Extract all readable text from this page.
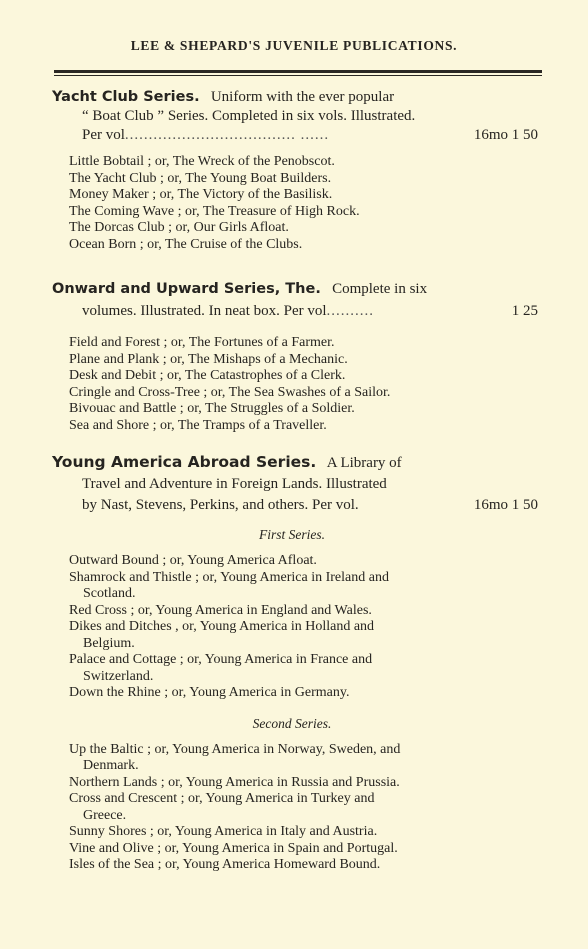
LEE & SHEPARD'S JUVENILE PUBLICATIONS.
Yacht Club Series. Uniform with the ever popular
“ Boat Club ” Series. Completed in six vols. Illustrated.
Per vol.................................... ......	16mo 1 50
Little Bobtail ; or, The Wreck of the Penobscot.
The Yacht Club ; or, The Young Boat Builders.
Money Maker ; or, The Victory of the Basilisk.
The Coming Wave ; or, The Treasure of High Rock.
The Dorcas Club ; or, Our Girls Afloat.
Ocean Born ; or, The Cruise of the Clubs.
Onward and Upward Series, The. Complete in six
volumes. Illustrated. In neat box. Per vol..........	1 25
Field and Forest ; or, The Fortunes of a Farmer.
Plane and Plank ; or, The Mishaps of a Mechanic.
Desk and Debit ; or, The Catastrophes of a Clerk.
Cringle and Cross-Tree ; or, The Sea Swashes of a Sailor.
Bivouac and Battle ; or, The Struggles of a Soldier.
Sea and Shore ; or, The Tramps of a Traveller.
Young America Abroad Series. A Library of
Travel and Adventure in Foreign Lands. Illustrated
by Nast, Stevens, Perkins, and others. Per vol.	16mo 1 50
First Series.
Outward Bound ; or, Young America Afloat.
Shamrock and Thistle ; or, Young America in Ireland and
Scotland.
Red Cross ; or, Young America in England and Wales.
Dikes and Ditches , or, Young America in Holland and
Belgium.
Palace and Cottage ; or, Young America in France and
Switzerland.
Down the Rhine ; or, Young America in Germany.
Second Series.
Up the Baltic ; or, Young America in Norway, Sweden, and
Denmark.
Northern Lands ; or, Young America in Russia and Prussia.
Cross and Crescent ; or, Young America in Turkey and
Greece.
Sunny Shores ; or, Young America in Italy and Austria.
Vine and Olive ; or, Young America in Spain and Portugal.
Isles of the Sea ; or, Young America Homeward Bound.
